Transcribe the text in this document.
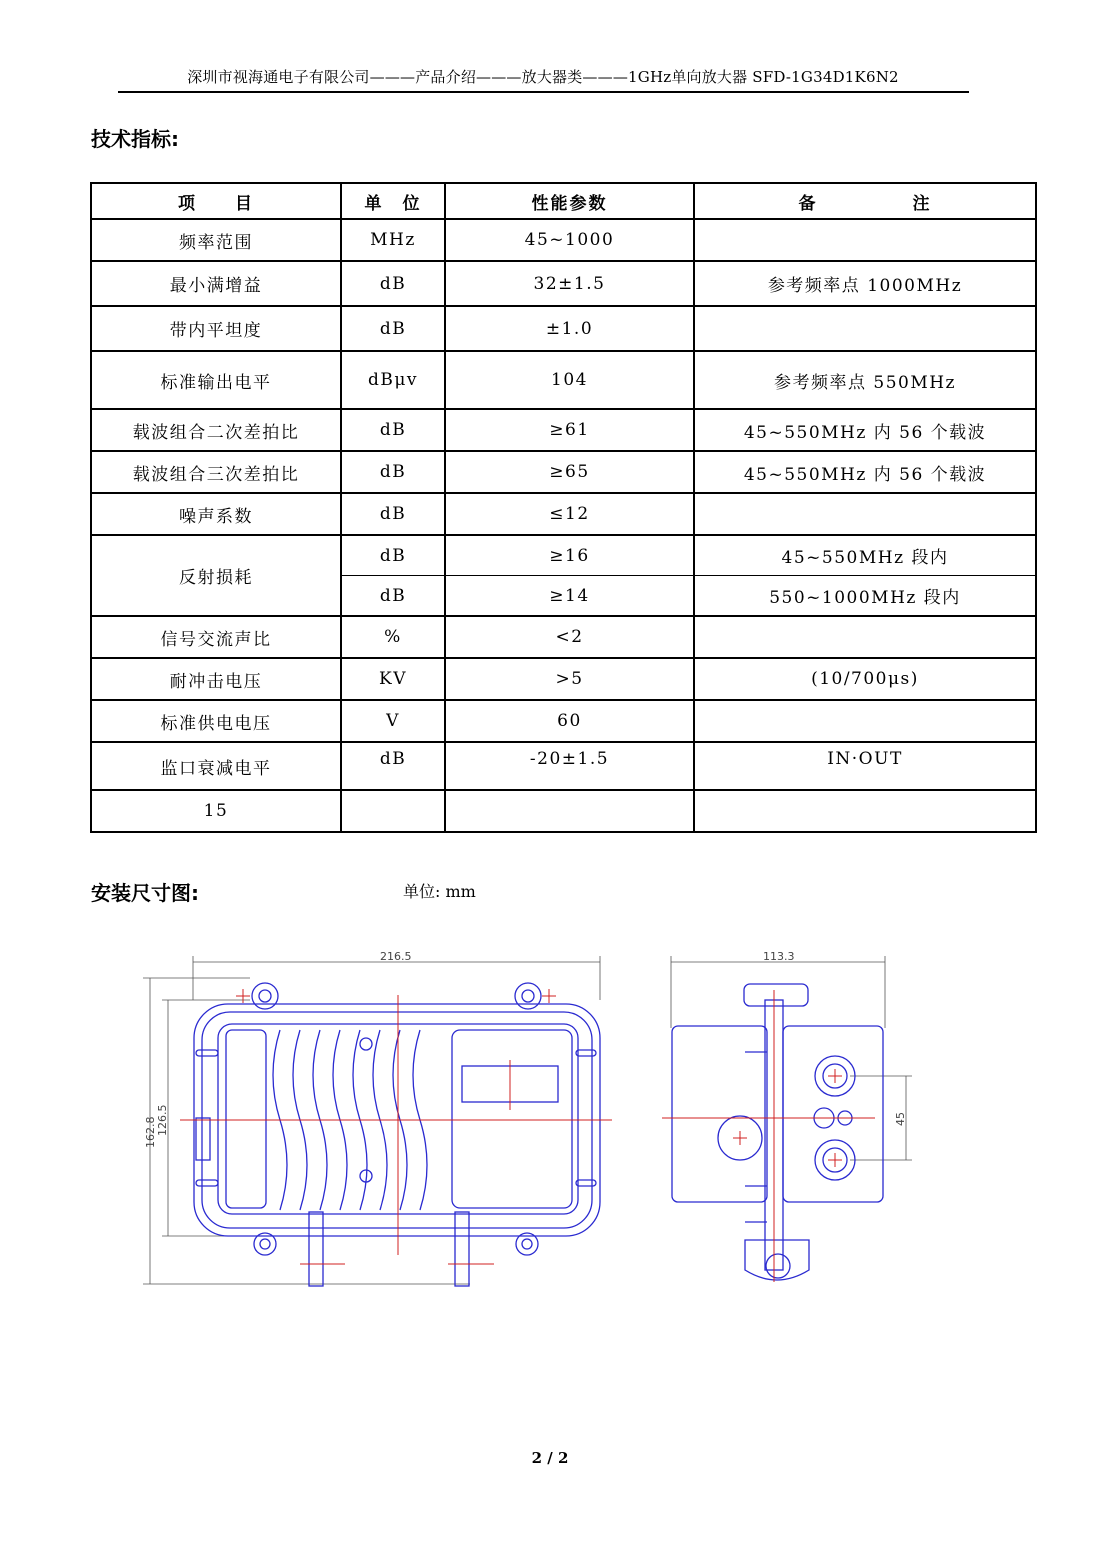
深圳市视海通电子有限公司———产品介绍———放大器类———1GHz单向放大器 SFD-1G34D1K6N2
技术指标:
项　　目	单　位	性能参数	备　　　　　注
频率范围	MHz	45~1000	
最小满增益	dB	32±1.5	参考频率点 1000MHz
带内平坦度	dB	±1.0	
标准输出电平	dBμv	104	参考频率点 550MHz
载波组合二次差拍比	dB	≥61	45~550MHz 内 56 个载波
载波组合三次差拍比	dB	≥65	45~550MHz 内 56 个载波
噪声系数	dB	≤12	
反射损耗	dB	≥16	45~550MHz 段内
	dB	≥14	550~1000MHz 段内
信号交流声比	%	<2	
耐冲击电压	KV	>5	(10/700μs)
标准供电电压	V	60	
监口衰减电平	dB	-20±1.5	IN·OUT
15			
安装尺寸图:	单位: mm
216.5
162.8 126.5
113.3
45
2 / 2
